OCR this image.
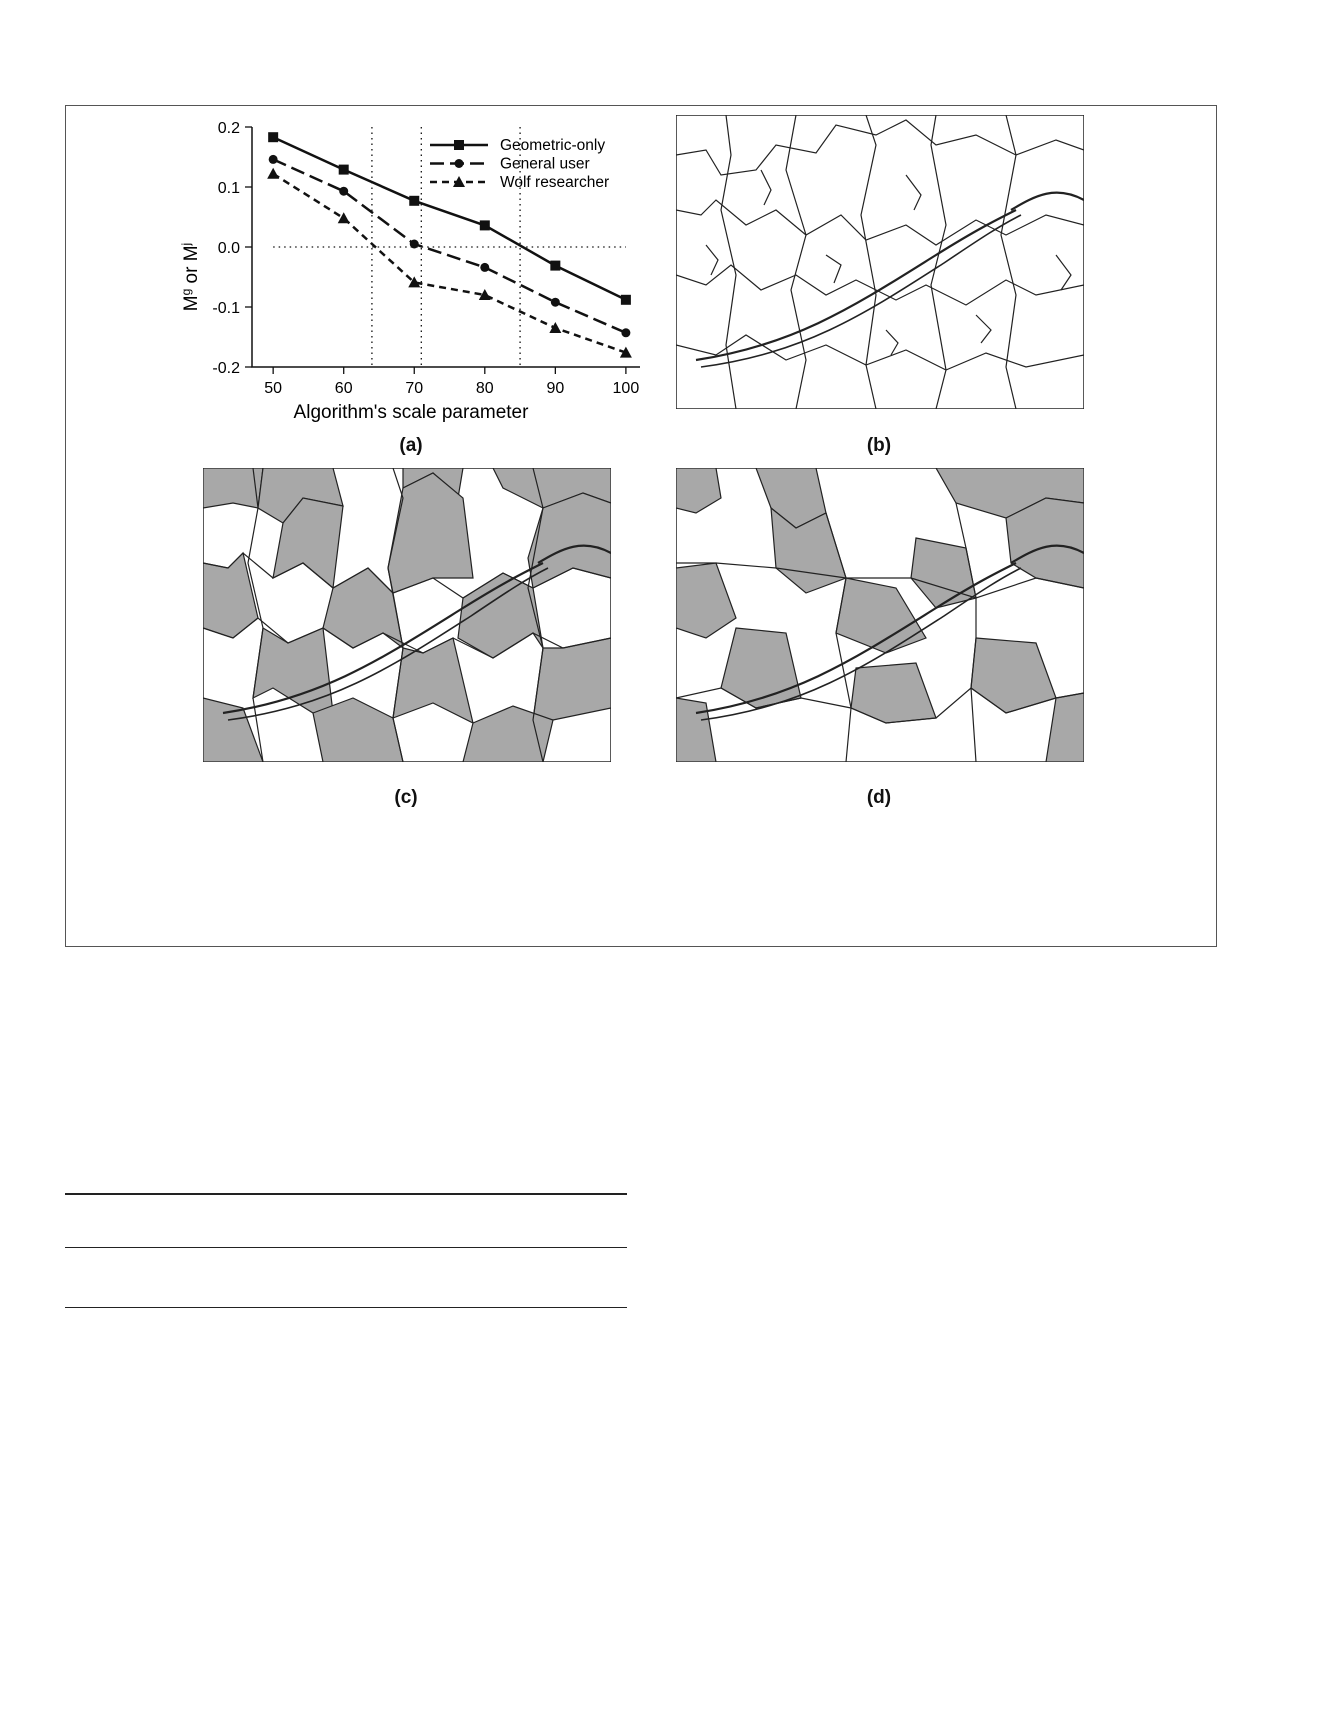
0.2
0.1
0.0
-0.1
-0.2
50	60	70	80	90	100
Geometric-only
General user
Wolf researcher
Algorithm's scale parameter
$M^g$ or $M^j$
(a)	(b)
(c)	(d)
